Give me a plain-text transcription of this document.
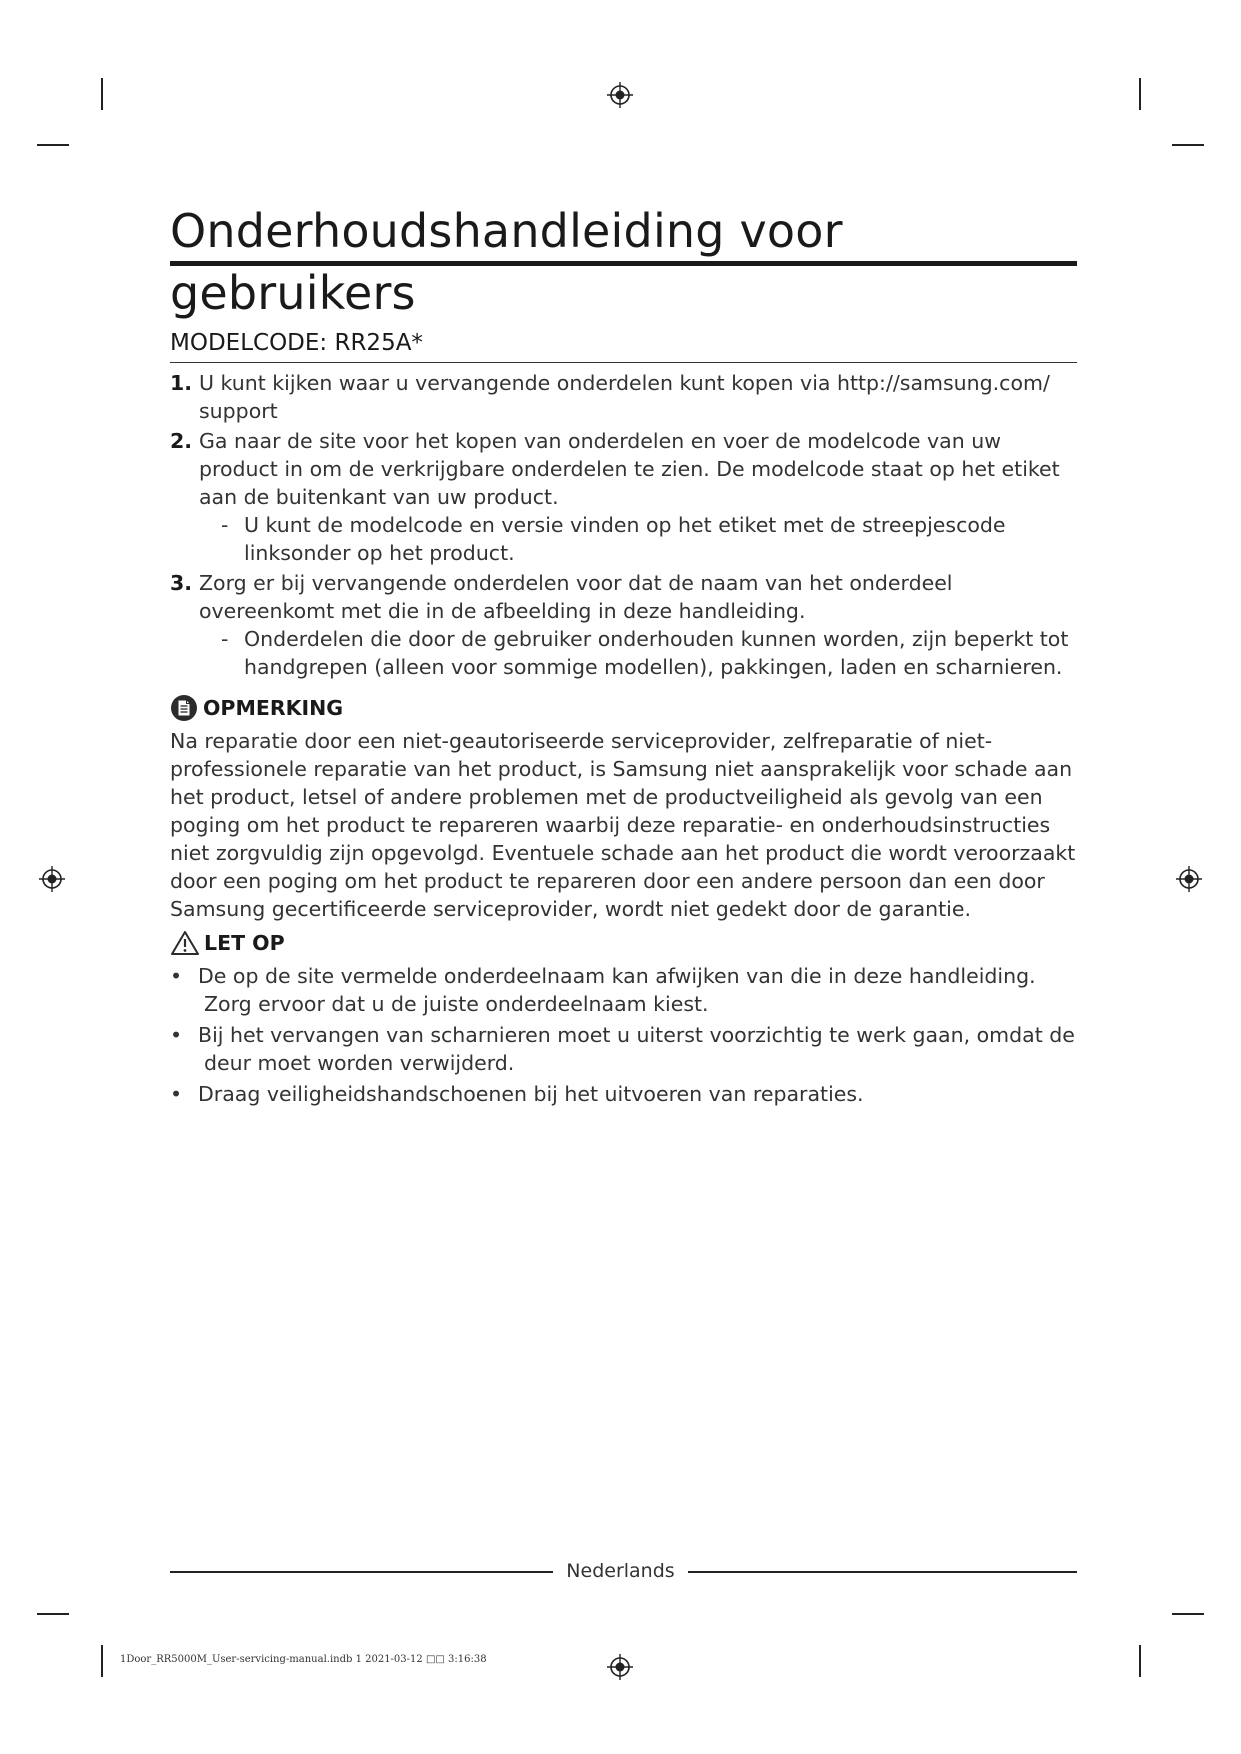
Onderhoudshandleiding voor gebruikers
MODELCODE: RR25A*
1. U kunt kijken waar u vervangende onderdelen kunt kopen via http://samsung.com/ support
2. Ga naar de site voor het kopen van onderdelen en voer de modelcode van uw product in om de verkrijgbare onderdelen te zien. De modelcode staat op het etiket aan de buitenkant van uw product.
- U kunt de modelcode en versie vinden op het etiket met de streepjescode linksonder op het product.
3. Zorg er bij vervangende onderdelen voor dat de naam van het onderdeel overeenkomt met die in de afbeelding in deze handleiding.
- Onderdelen die door de gebruiker onderhouden kunnen worden, zijn beperkt tot handgrepen (alleen voor sommige modellen), pakkingen, laden en scharnieren.
OPMERKING

Na reparatie door een niet-geautoriseerde serviceprovider, zelfreparatie of niet-professionele reparatie van het product, is Samsung niet aansprakelijk voor schade aan het product, letsel of andere problemen met de productveiligheid als gevolg van een poging om het product te repareren waarbij deze reparatie- en onderhoudsinstructies niet zorgvuldig zijn opgevolgd. Eventuele schade aan het product die wordt veroorzaakt door een poging om het product te repareren door een andere persoon dan een door Samsung gecertificeerde serviceprovider, wordt niet gedekt door de garantie.

LET OP
• De op de site vermelde onderdeelnaam kan afwijken van die in deze handleiding. Zorg ervoor dat u de juiste onderdeelnaam kiest.
• Bij het vervangen van scharnieren moet u uiterst voorzichtig te werk gaan, omdat de deur moet worden verwijderd.
• Draag veiligheidshandschoenen bij het uitvoeren van reparaties.
Nederlands
1Door_RR5000M_User-servicing-manual.indb 1 2021-03-12 □□ 3:16:38
